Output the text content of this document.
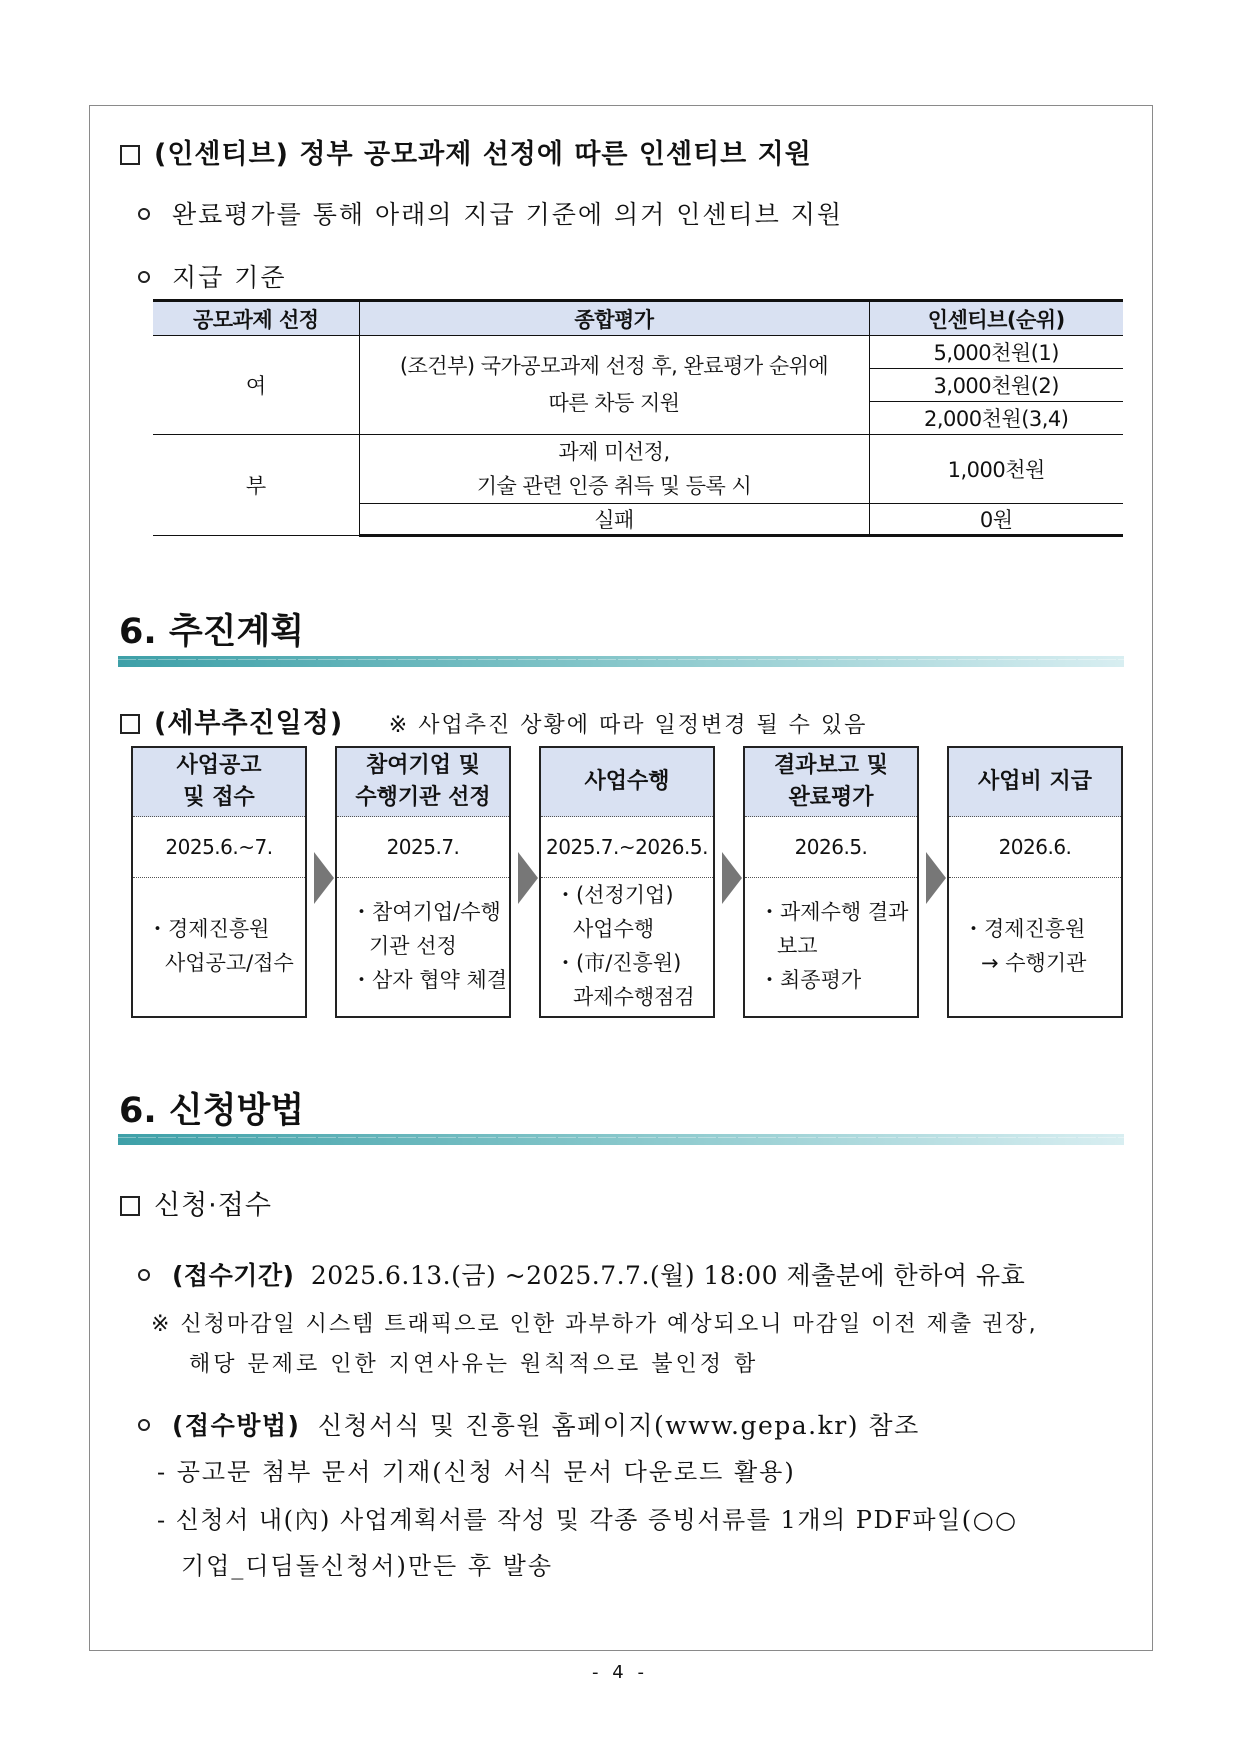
(인센티브) 정부 공모과제 선정에 따른 인센티브 지원
완료평가를 통해 아래의 지급 기준에 의거 인센티브 지원
지급 기준
공모과제 선정	종합평가	인센티브(순위)
여	(조건부) 국가공모과제 선정 후, 완료평가 순위에
따른 차등 지원	5,000천원(1)
		3,000천원(2)
		2,000천원(3,4)
부	과제 미선정,
기술 관련 인증 취득 및 등록 시	1,000천원
	실패	0원
6. 추진계획
(세부추진일정) ※ 사업추진 상황에 따라 일정변경 될 수 있음
사업공고
및 접수
2025.6.~7.
・경제진흥원
사업공고/접수
참여기업 및
수행기관 선정
2025.7.
・참여기업/수행
기관 선정
・삼자 협약 체결
사업수행
2025.7.~2026.5.
・(선정기업)
사업수행
・(市/진흥원)
과제수행점검
결과보고 및
완료평가
2026.5.
・과제수행 결과
보고
・최종평가
사업비 지급
2026.6.
・경제진흥원
→ 수행기관
6. 신청방법
신청·접수
(접수기간) 2025.6.13.(금) ~2025.7.7.(월) 18:00 제출분에 한하여 유효
※ 신청마감일 시스템 트래픽으로 인한 과부하가 예상되오니 마감일 이전 제출 권장,
해당 문제로 인한 지연사유는 원칙적으로 불인정 함
(접수방법) 신청서식 및 진흥원 홈페이지(www.gepa.kr) 참조
- 공고문 첨부 문서 기재(신청 서식 문서 다운로드 활용)
- 신청서 내(內) 사업계획서를 작성 및 각종 증빙서류를 1개의 PDF파일(○○
기업_디딤돌신청서)만든 후 발송
- 4 -
